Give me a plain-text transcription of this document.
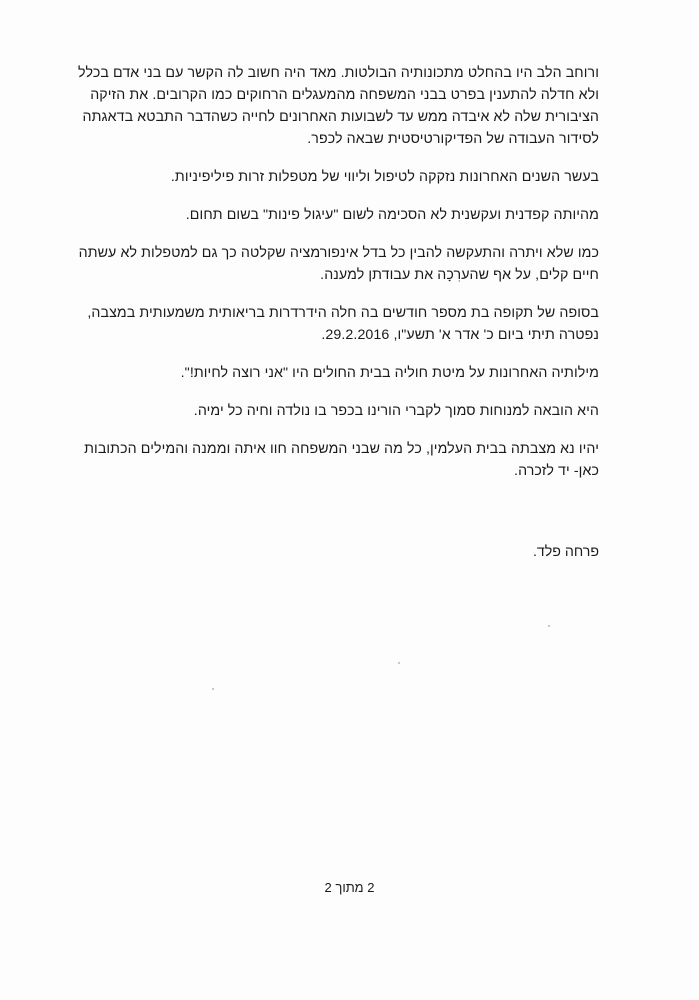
ורוחב הלב היו בהחלט מתכונותיה הבולטות. מאד היה חשוב לה הקשר עם בני אדם בכלל ולא חדלה להתענין בפרט בבני המשפחה מהמעגלים הרחוקים כמו הקרובים. את הזיקה הציבורית שלה לא איבדה ממש עד לשבועות האחרונים לחייה כשהדבר התבטא בדאגתה לסידור העבודה של הפדיקורטיסטית שבאה לכפר.

בעשר השנים האחרונות נזקקה לטיפול וליווי של מטפלות זרות פיליפיניות.

מהיותה קפדנית ועקשנית לא הסכימה לשום "עיגול פינות" בשום תחום.

כמו שלא ויתרה והתעקשה להבין כל בדל אינפורמציה שקלטה כך גם למטפלות לא עשתה חיים קלים, על אף שהערִכָה את עבודתן למענה.

בסופה של תקופה בת מספר חודשים בה חלה הידרדרות בריאותית משמעותית במצבה, נפטרה תיתי ביום כ' אדר א' תשע"ו, 29.2.2016.

מילותיה האחרונות על מיטת חוליה בבית החולים היו "אני רוצה לחיות!".

היא הובאה למנוחות סמוך לקברי הורינו בכפר בו נולדה וחיה כל ימיה.

יהיו נא מצבתה בבית העלמין, כל מה שבני המשפחה חוו איתה וממנה והמילים הכתובות כאן- יד לזכרה.

פרחה פלד.
2 מתוך 2
